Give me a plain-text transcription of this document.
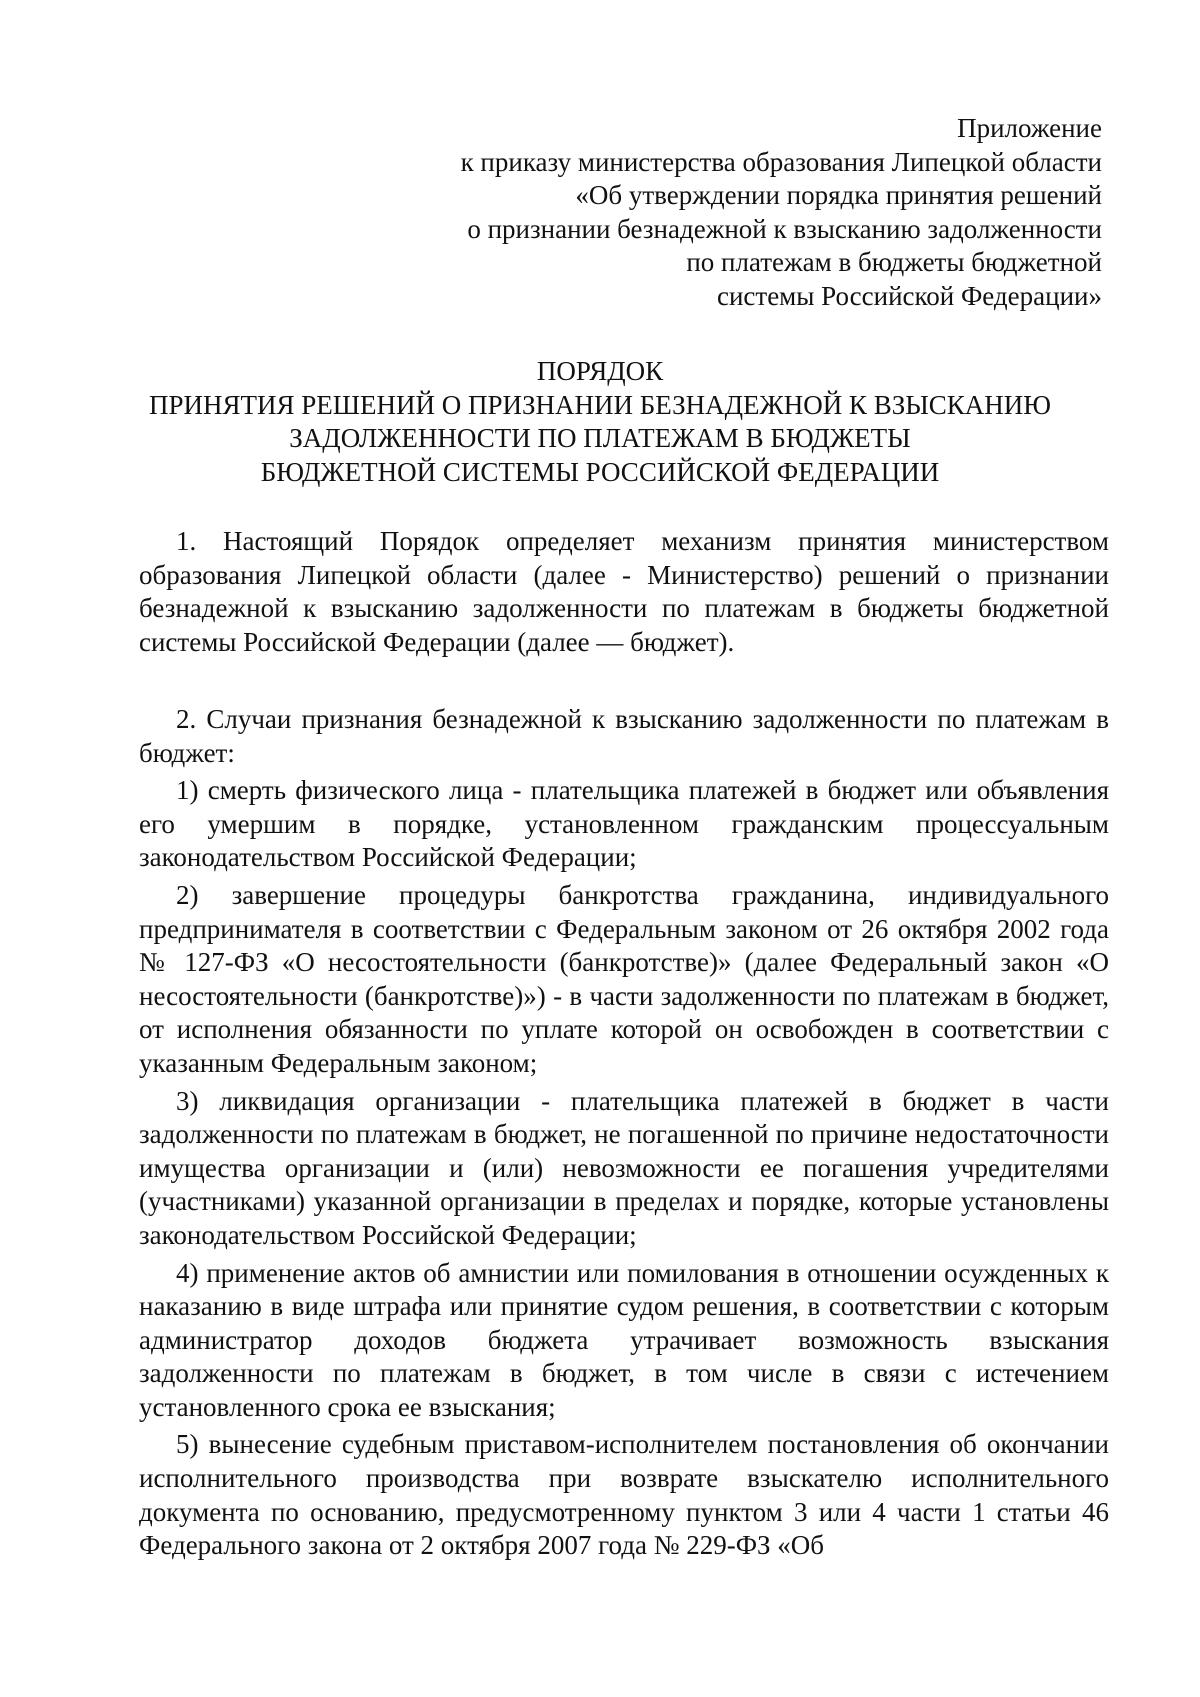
Приложение
к приказу министерства образования Липецкой области
«Об утверждении порядка принятия решений
о признании безнадежной к взысканию задолженности
по платежам в бюджеты бюджетной
системы Российской Федерации»
ПОРЯДОК
ПРИНЯТИЯ РЕШЕНИЙ О ПРИЗНАНИИ БЕЗНАДЕЖНОЙ К ВЗЫСКАНИЮ
ЗАДОЛЖЕННОСТИ ПО ПЛАТЕЖАМ В БЮДЖЕТЫ
БЮДЖЕТНОЙ СИСТЕМЫ РОССИЙСКОЙ ФЕДЕРАЦИИ
1. Настоящий Порядок определяет механизм принятия министерством образования Липецкой области (далее - Министерство) решений о признании безнадежной к взысканию задолженности по платежам в бюджеты бюджетной системы Российской Федерации (далее — бюджет).
2. Случаи признания безнадежной к взысканию задолженности по платежам в бюджет:
1) смерть физического лица - плательщика платежей в бюджет или объявления его умершим в порядке, установленном гражданским процессуальным законодательством Российской Федерации;
2) завершение процедуры банкротства гражданина, индивидуального предпринимателя в соответствии с Федеральным законом от 26 октября 2002 года № 127-ФЗ «О несостоятельности (банкротстве)» (далее Федеральный закон «О несостоятельности (банкротстве)») - в части задолженности по платежам в бюджет, от исполнения обязанности по уплате которой он освобожден в соответствии с указанным Федеральным законом;
3) ликвидация организации - плательщика платежей в бюджет в части задолженности по платежам в бюджет, не погашенной по причине недостаточности имущества организации и (или) невозможности ее погашения учредителями (участниками) указанной организации в пределах и порядке, которые установлены законодательством Российской Федерации;
4) применение актов об амнистии или помилования в отношении осужденных к наказанию в виде штрафа или принятие судом решения, в соответствии с которым администратор доходов бюджета утрачивает возможность взыскания задолженности по платежам в бюджет, в том числе в связи с истечением установленного срока ее взыскания;
5) вынесение судебным приставом-исполнителем постановления об окончании исполнительного производства при возврате взыскателю исполнительного документа по основанию, предусмотренному пунктом 3 или 4 части 1 статьи 46 Федерального закона от 2 октября 2007 года № 229-ФЗ «Об
